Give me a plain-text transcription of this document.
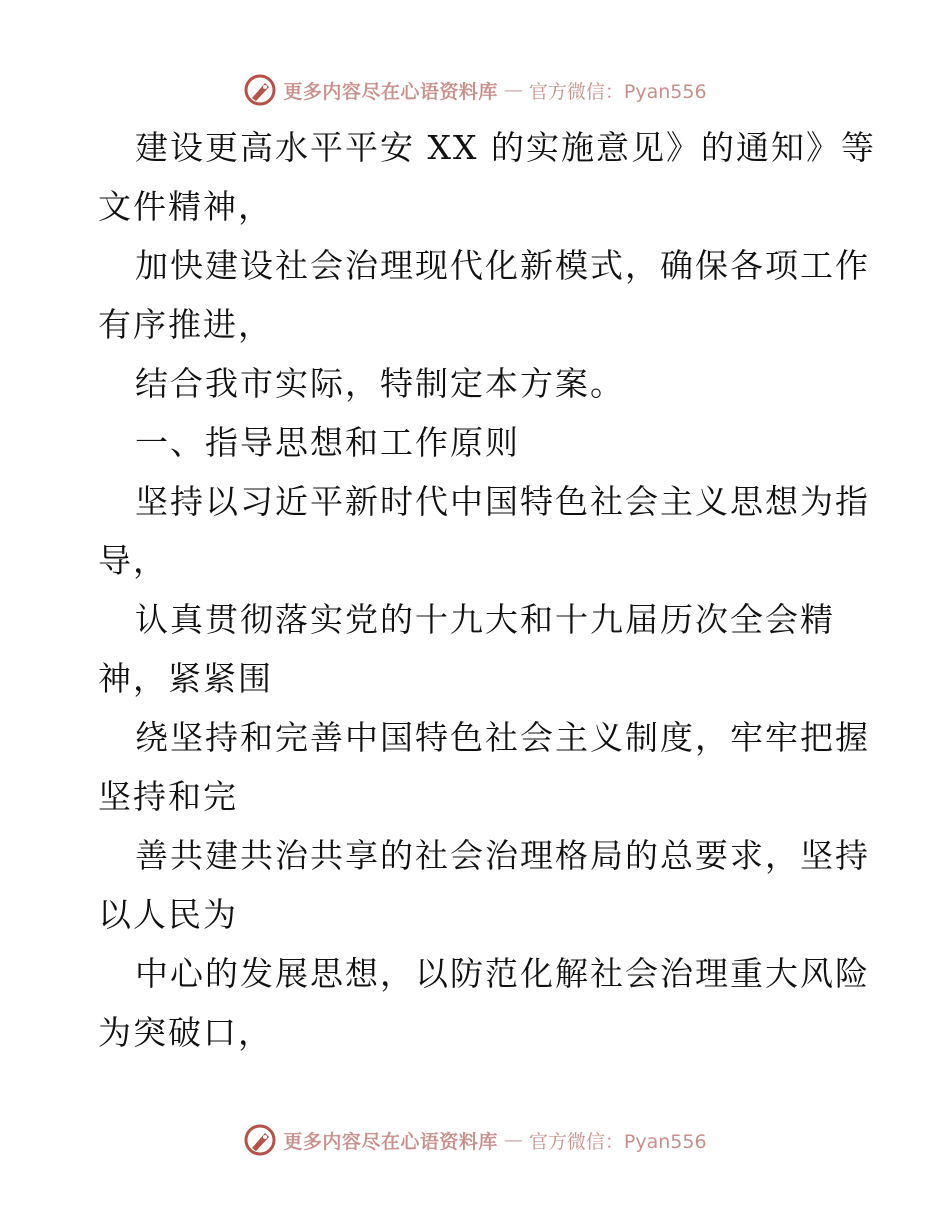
更多内容尽在心语资料库 — 官方微信：Pyan556
建设更高水平平安 XX 的实施意见》的通知》等
文件精神，
加快建设社会治理现代化新模式，确保各项工作
有序推进，
结合我市实际，特制定本方案。
一、指导思想和工作原则
坚持以习近平新时代中国特色社会主义思想为指
导，
认真贯彻落实党的十九大和十九届历次全会精
神，紧紧围
绕坚持和完善中国特色社会主义制度，牢牢把握
坚持和完
善共建共治共享的社会治理格局的总要求，坚持
以人民为
中心的发展思想，以防范化解社会治理重大风险
为突破口，
更多内容尽在心语资料库 — 官方微信：Pyan556
